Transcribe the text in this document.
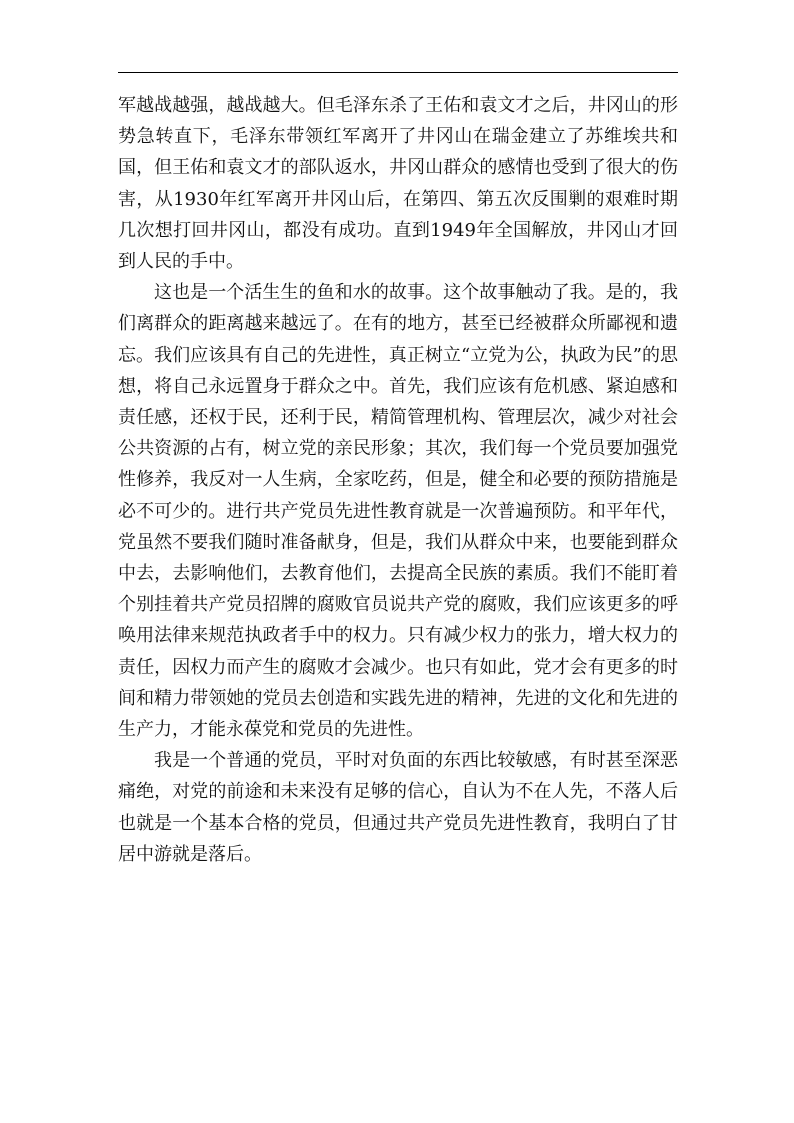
军越战越强，越战越大。但毛泽东杀了王佑和袁文才之后，井冈山的形势急转直下，毛泽东带领红军离开了井冈山在瑞金建立了苏维埃共和国，但王佑和袁文才的部队返水，井冈山群众的感情也受到了很大的伤害，从1930年红军离开井冈山后，在第四、第五次反围剿的艰难时期几次想打回井冈山，都没有成功。直到1949年全国解放，井冈山才回到人民的手中。

这也是一个活生生的鱼和水的故事。这个故事触动了我。是的，我们离群众的距离越来越远了。在有的地方，甚至已经被群众所鄙视和遗忘。我们应该具有自己的先进性，真正树立“立党为公，执政为民”的思想，将自己永远置身于群众之中。首先，我们应该有危机感、紧迫感和责任感，还权于民，还利于民，精简管理机构、管理层次，减少对社会公共资源的占有，树立党的亲民形象；其次，我们每一个党员要加强党性修养，我反对一人生病，全家吃药，但是，健全和必要的预防措施是必不可少的。进行共产党员先进性教育就是一次普遍预防。和平年代，党虽然不要我们随时准备献身，但是，我们从群众中来，也要能到群众中去，去影响他们，去教育他们，去提高全民族的素质。我们不能盯着个别挂着共产党员招牌的腐败官员说共产党的腐败，我们应该更多的呼唤用法律来规范执政者手中的权力。只有减少权力的张力，增大权力的责任，因权力而产生的腐败才会减少。也只有如此，党才会有更多的时间和精力带领她的党员去创造和实践先进的精神，先进的文化和先进的生产力，才能永葆党和党员的先进性。

我是一个普通的党员，平时对负面的东西比较敏感，有时甚至深恶痛绝，对党的前途和未来没有足够的信心，自认为不在人先，不落人后也就是一个基本合格的党员，但通过共产党员先进性教育，我明白了甘居中游就是落后。
